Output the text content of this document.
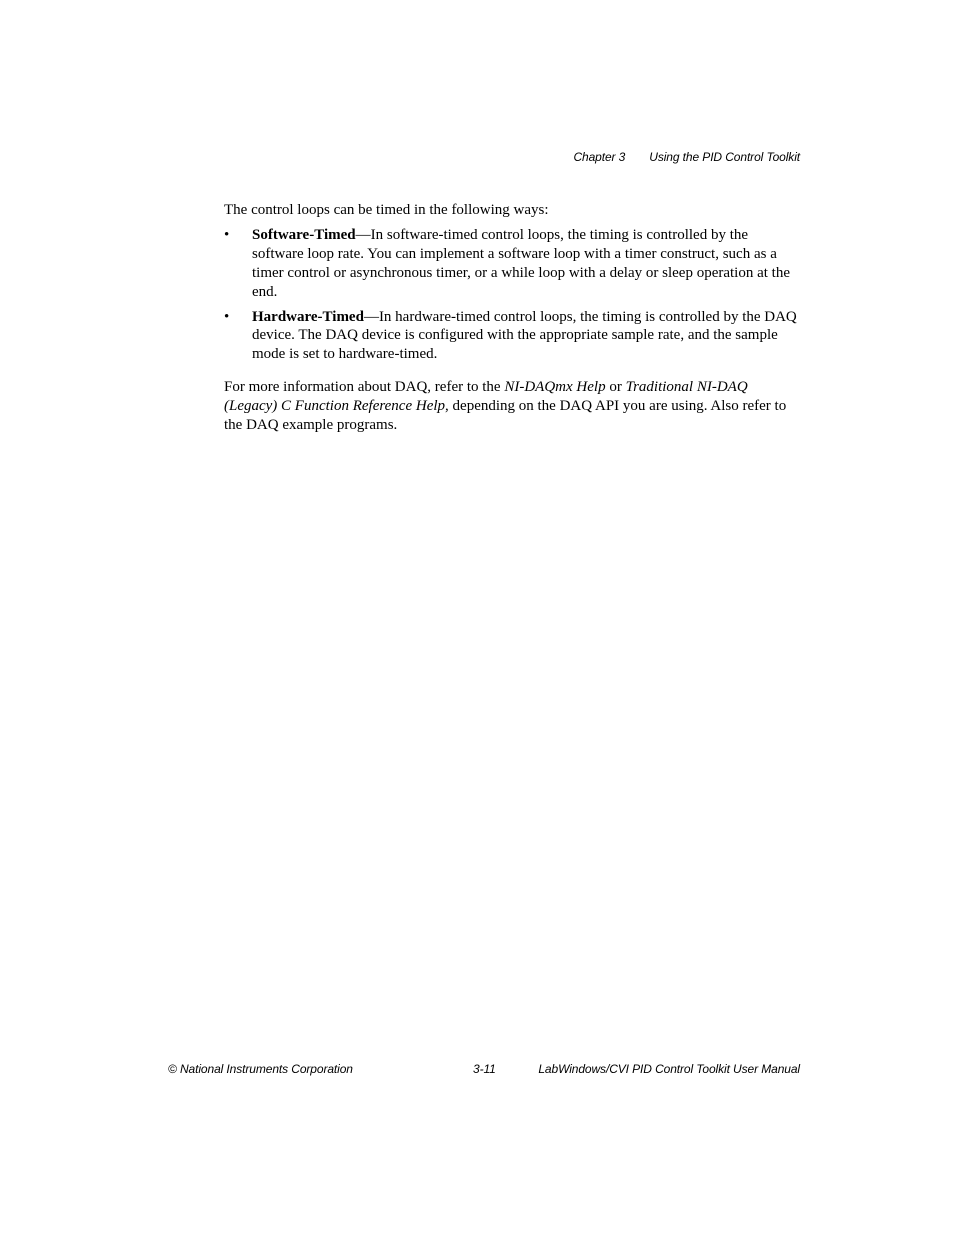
Chapter 3 Using the PID Control Toolkit

The control loops can be timed in the following ways:

• Software-Timed—In software-timed control loops, the timing is controlled by the software loop rate. You can implement a software loop with a timer construct, such as a timer control or asynchronous timer, or a while loop with a delay or sleep operation at the end.
• Hardware-Timed—In hardware-timed control loops, the timing is controlled by the DAQ device. The DAQ device is configured with the appropriate sample rate, and the sample mode is set to hardware-timed.

For more information about DAQ, refer to the NI-DAQmx Help or Traditional NI-DAQ (Legacy) C Function Reference Help, depending on the DAQ API you are using. Also refer to the DAQ example programs.

© National Instruments Corporation	3-11	LabWindows/CVI PID Control Toolkit User Manual
